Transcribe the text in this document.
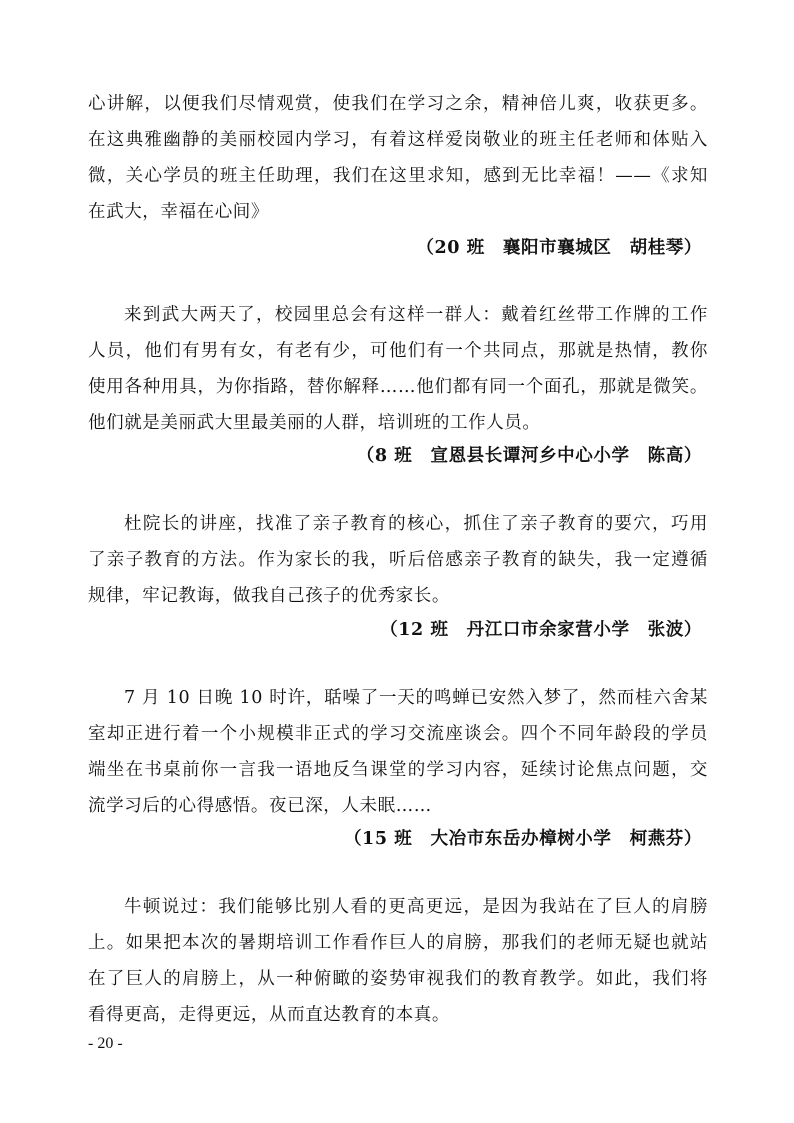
心讲解，以便我们尽情观赏，使我们在学习之余，精神倍儿爽，收获更多。
在这典雅幽静的美丽校园内学习，有着这样爱岗敬业的班主任老师和体贴入
微，关心学员的班主任助理，我们在这里求知，感到无比幸福！——《求知
在武大，幸福在心间》
（20 班　襄阳市襄城区　胡桂琴）
来到武大两天了，校园里总会有这样一群人：戴着红丝带工作牌的工作
人员，他们有男有女，有老有少，可他们有一个共同点，那就是热情，教你
使用各种用具，为你指路，替你解释……他们都有同一个面孔，那就是微笑。
他们就是美丽武大里最美丽的人群，培训班的工作人员。
（8 班　宣恩县长谭河乡中心小学　陈高）
杜院长的讲座，找准了亲子教育的核心，抓住了亲子教育的要穴，巧用
了亲子教育的方法。作为家长的我，听后倍感亲子教育的缺失，我一定遵循
规律，牢记教诲，做我自己孩子的优秀家长。
（12 班　丹江口市余家营小学　张波）
7 月 10 日晚 10 时许，聒噪了一天的鸣蝉已安然入梦了，然而桂六舍某
室却正进行着一个小规模非正式的学习交流座谈会。四个不同年龄段的学员
端坐在书桌前你一言我一语地反刍课堂的学习内容，延续讨论焦点问题，交
流学习后的心得感悟。夜已深，人未眠……
（15 班　大冶市东岳办樟树小学　柯燕芬）
牛顿说过：我们能够比别人看的更高更远，是因为我站在了巨人的肩膀
上。如果把本次的暑期培训工作看作巨人的肩膀，那我们的老师无疑也就站
在了巨人的肩膀上，从一种俯瞰的姿势审视我们的教育教学。如此，我们将
看得更高，走得更远，从而直达教育的本真。
- 20 -
